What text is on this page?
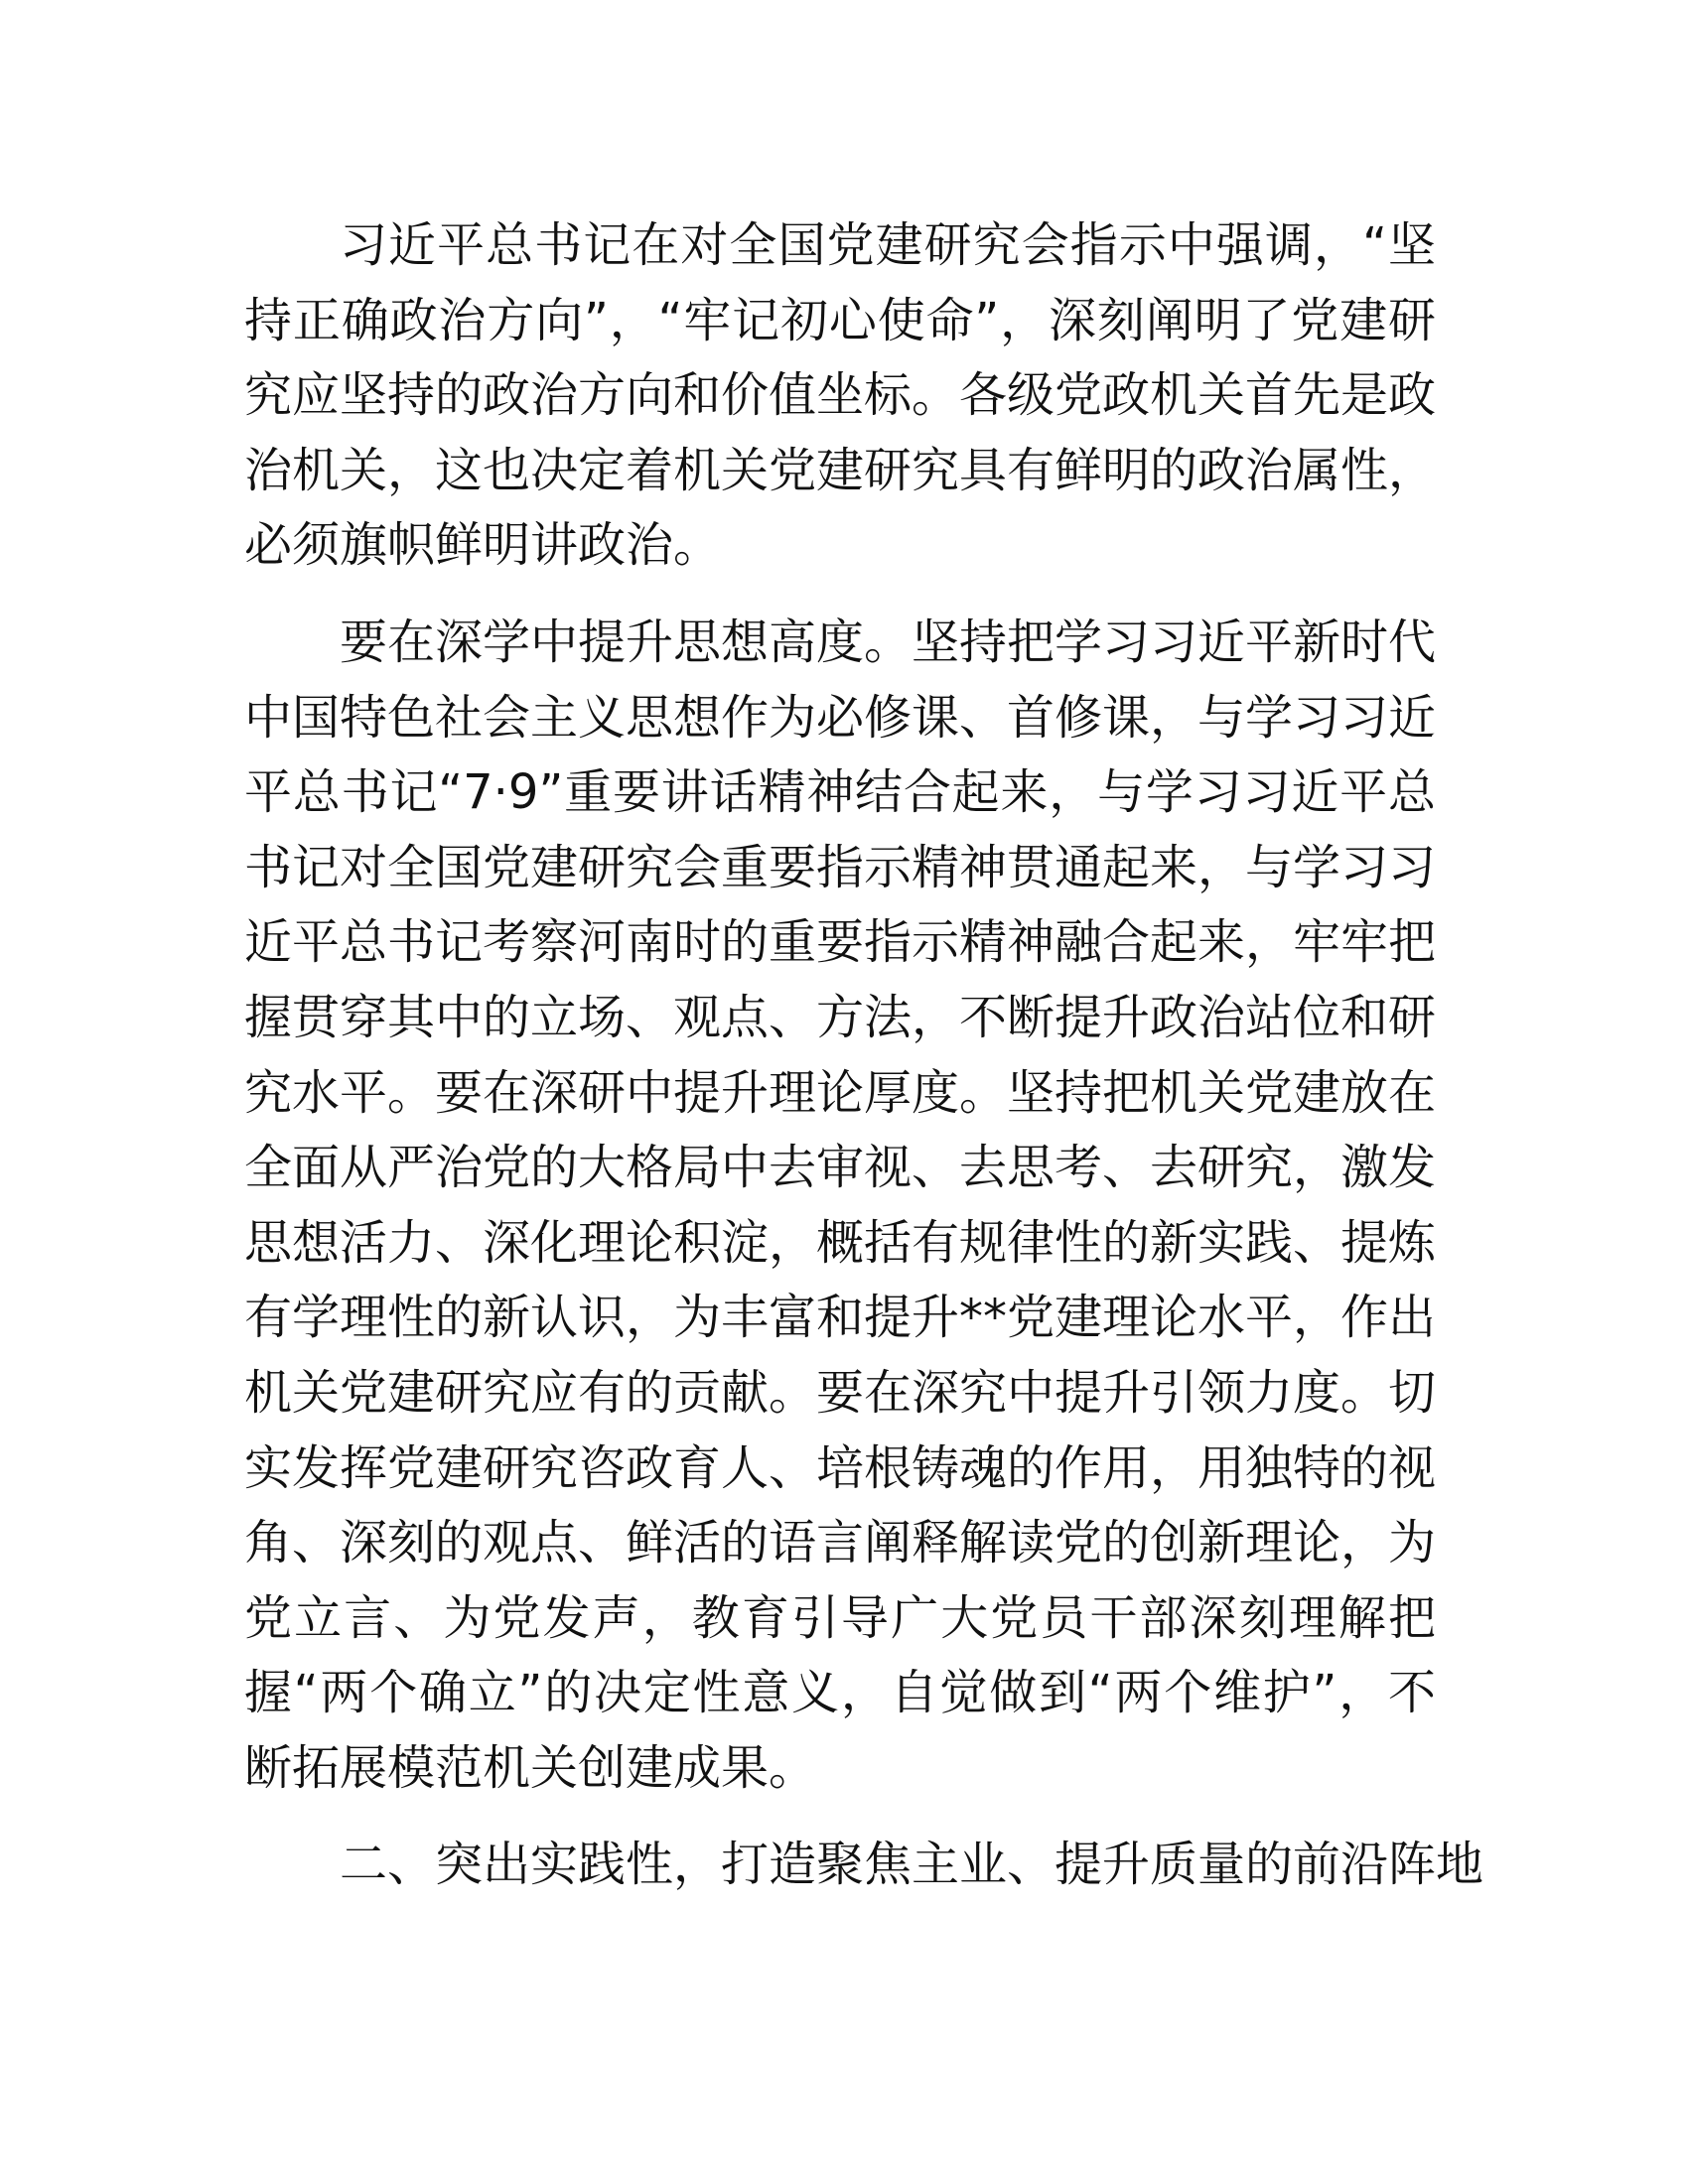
习近平总书记在对全国党建研究会指示中强调，“坚持正确政治方向”，“牢记初心使命”，深刻阐明了党建研究应坚持的政治方向和价值坐标。各级党政机关首先是政治机关，这也决定着机关党建研究具有鲜明的政治属性，必须旗帜鲜明讲政治。

要在深学中提升思想高度。坚持把学习习近平新时代中国特色社会主义思想作为必修课、首修课，与学习习近平总书记“7·9”重要讲话精神结合起来，与学习习近平总书记对全国党建研究会重要指示精神贯通起来，与学习习近平总书记考察河南时的重要指示精神融合起来，牢牢把握贯穿其中的立场、观点、方法，不断提升政治站位和研究水平。要在深研中提升理论厚度。坚持把机关党建放在全面从严治党的大格局中去审视、去思考、去研究，激发思想活力、深化理论积淀，概括有规律性的新实践、提炼有学理性的新认识，为丰富和提升**党建理论水平，作出机关党建研究应有的贡献。要在深究中提升引领力度。切实发挥党建研究咨政育人、培根铸魂的作用，用独特的视角、深刻的观点、鲜活的语言阐释解读党的创新理论，为党立言、为党发声，教育引导广大党员干部深刻理解把握“两个确立”的决定性意义，自觉做到“两个维护”，不断拓展模范机关创建成果。

二、突出实践性，打造聚焦主业、提升质量的前沿阵地
